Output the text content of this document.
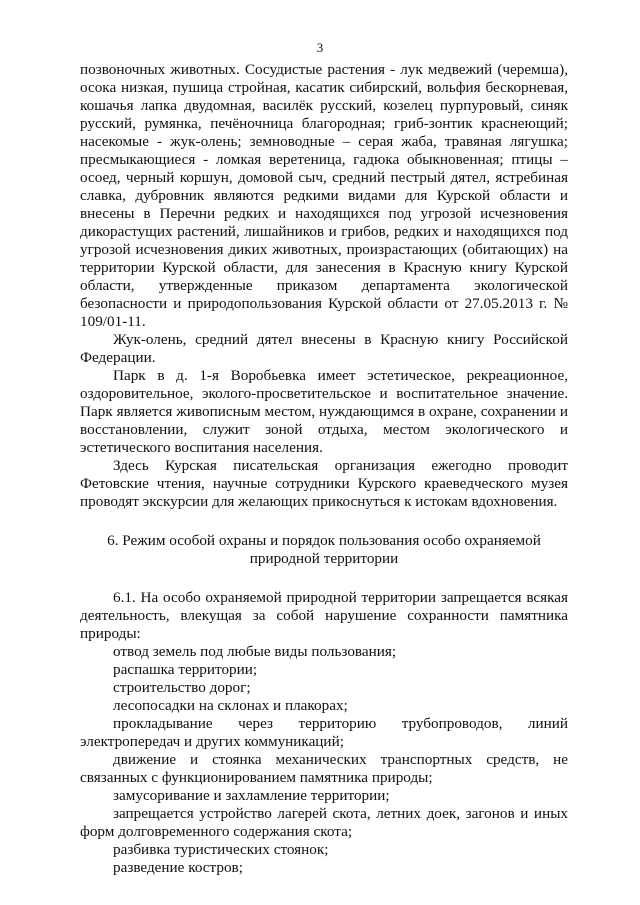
3

позвоночных животных. Сосудистые растения - лук медвежий (черемша), осока низкая, пушица стройная, касатик сибирский, вольфия бескорневая, кошачья лапка двудомная, василёк русский, козелец пурпуровый, синяк русский, румянка, печёночница благородная; гриб-зонтик краснеющий; насекомые - жук-олень; земноводные – серая жаба, травяная лягушка; пресмыкающиеся - ломкая веретеница, гадюка обыкновенная; птицы – осоед, черный коршун, домовой сыч, средний пестрый дятел, ястребиная славка, дубровник являются редкими видами для Курской области и внесены в Перечни редких и находящихся под угрозой исчезновения дикорастущих растений, лишайников и грибов, редких и находящихся под угрозой исчезновения диких животных, произрастающих (обитающих) на территории Курской области, для занесения в Красную книгу Курской области, утвержденные приказом департамента экологической безопасности и природопользования Курской области от 27.05.2013 г. № 109/01-11.

Жук-олень, средний дятел внесены в Красную книгу Российской Федерации.

Парк в д. 1-я Воробьевка имеет эстетическое, рекреационное, оздоровительное, эколого-просветительское и воспитательное значение. Парк является живописным местом, нуждающимся в охране, сохранении и восстановлении, служит зоной отдыха, местом экологического и эстетического воспитания населения.

Здесь Курская писательская организация ежегодно проводит Фетовские чтения, научные сотрудники Курского краеведческого музея проводят экскурсии для желающих прикоснуться к истокам вдохновения.

6. Режим особой охраны и порядок пользования особо охраняемой природной территории

6.1. На особо охраняемой природной территории запрещается всякая деятельность, влекущая за собой нарушение сохранности памятника природы:

отвод земель под любые виды пользования;

распашка территории;

строительство дорог;

лесопосадки на склонах и плакорах;

прокладывание через территорию трубопроводов, линий электропередач и других коммуникаций;

движение и стоянка механических транспортных средств, не связанных с функционированием памятника природы;

замусоривание и захламление территории;

запрещается устройство лагерей скота, летних доек, загонов и иных форм долговременного содержания скота;

разбивка туристических стоянок;

разведение костров;
